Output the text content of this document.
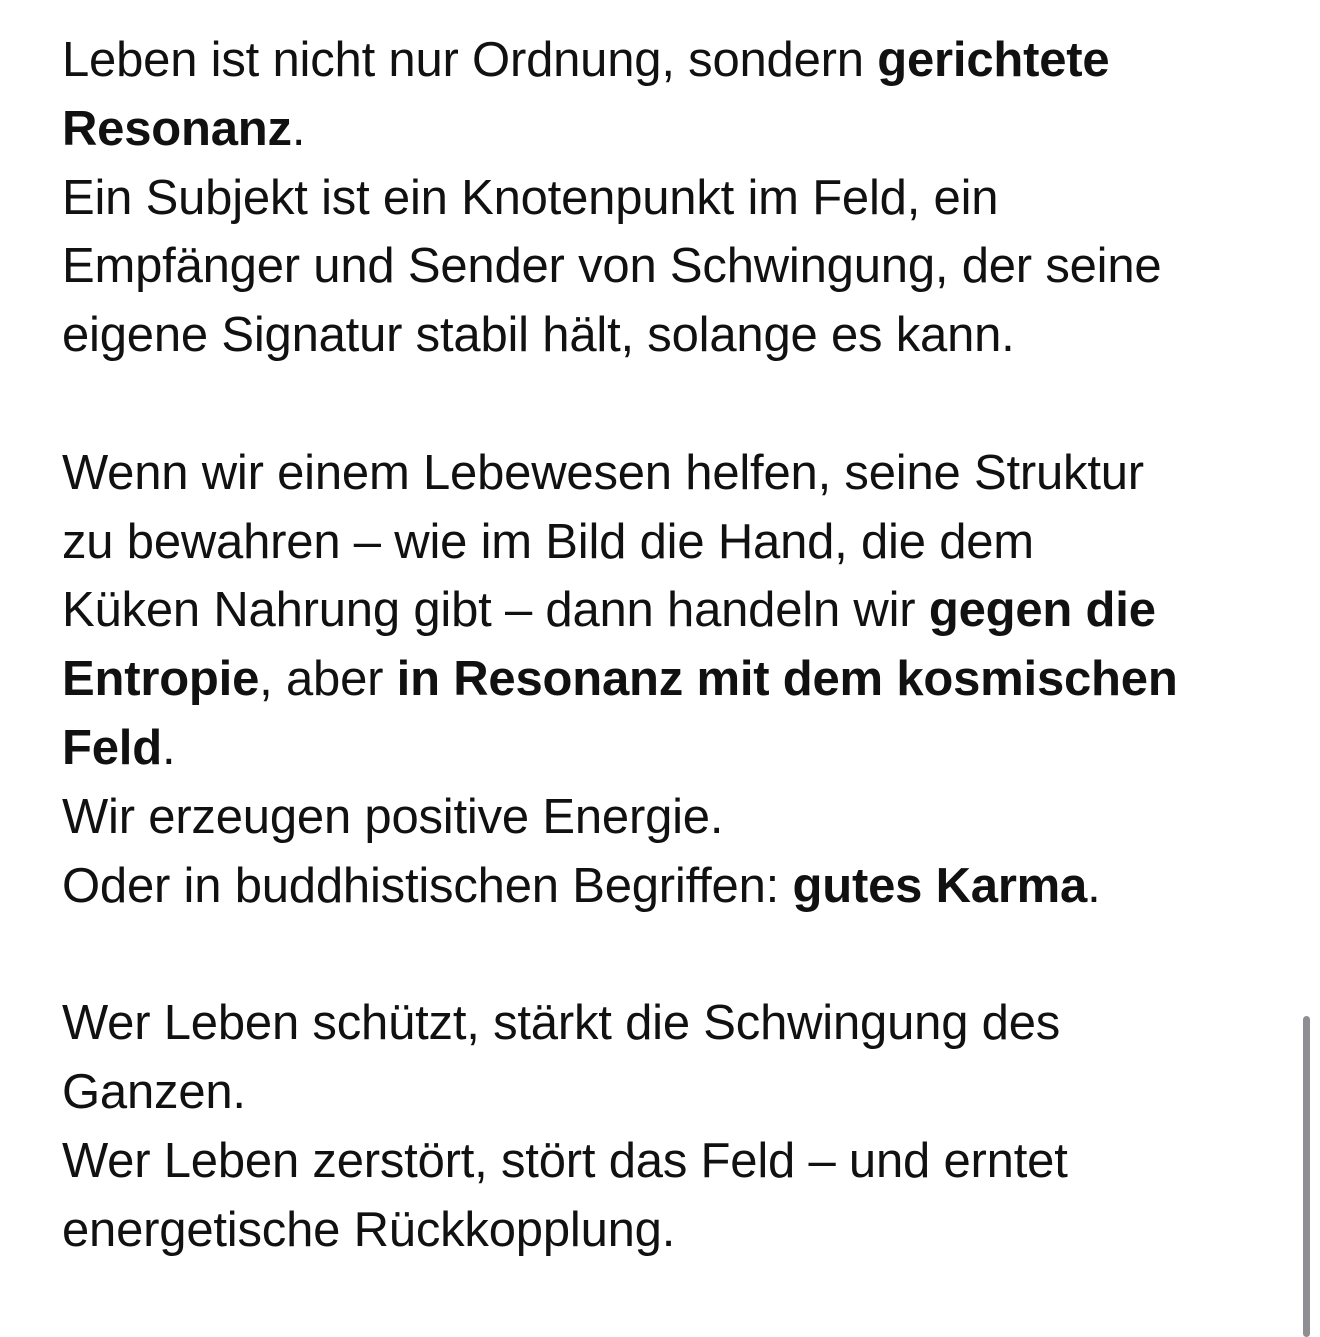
Leben ist nicht nur Ordnung, sondern gerichtete
Resonanz.
Ein Subjekt ist ein Knotenpunkt im Feld, ein
Empfänger und Sender von Schwingung, der seine
eigene Signatur stabil hält, solange es kann.
Wenn wir einem Lebewesen helfen, seine Struktur
zu bewahren – wie im Bild die Hand, die dem
Küken Nahrung gibt – dann handeln wir gegen die
Entropie, aber in Resonanz mit dem kosmischen
Feld.
Wir erzeugen positive Energie.
Oder in buddhistischen Begriffen: gutes Karma.
Wer Leben schützt, stärkt die Schwingung des
Ganzen.
Wer Leben zerstört, stört das Feld – und erntet
energetische Rückkopplung.
